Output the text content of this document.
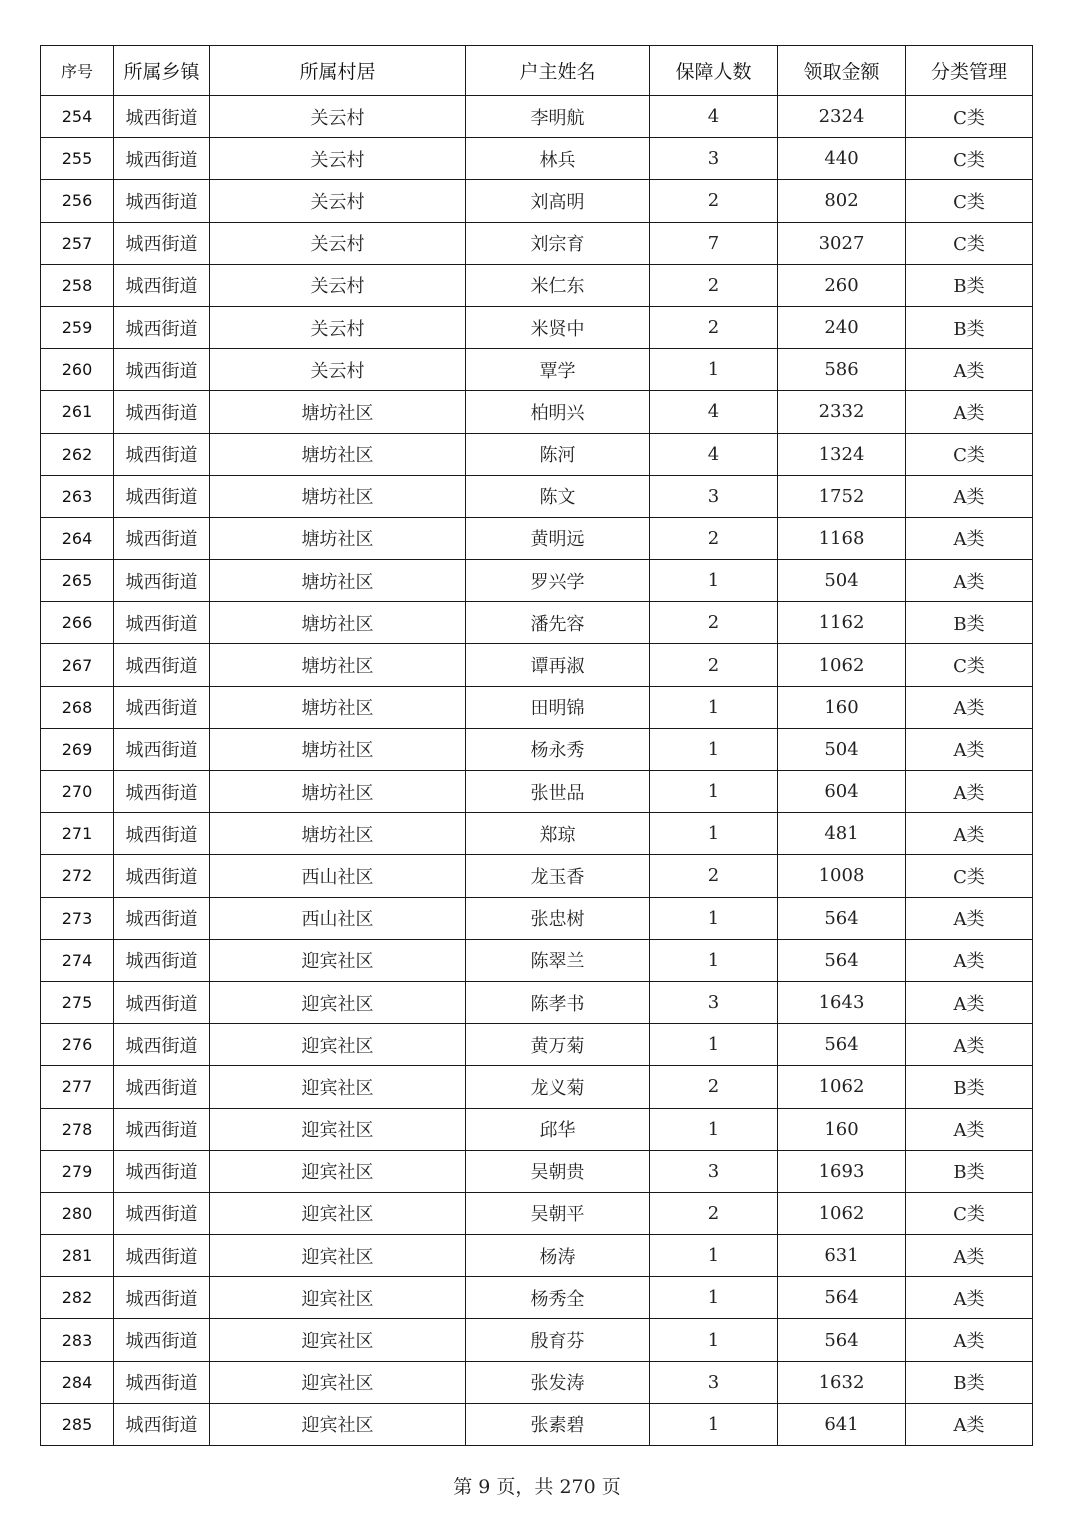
序号	所属乡镇	所属村居	户主姓名	保障人数	领取金额	分类管理
254	城西街道	关云村	李明航	4	2324	C类
255	城西街道	关云村	林兵	3	440	C类
256	城西街道	关云村	刘高明	2	802	C类
257	城西街道	关云村	刘宗育	7	3027	C类
258	城西街道	关云村	米仁东	2	260	B类
259	城西街道	关云村	米贤中	2	240	B类
260	城西街道	关云村	覃学	1	586	A类
261	城西街道	塘坊社区	柏明兴	4	2332	A类
262	城西街道	塘坊社区	陈河	4	1324	C类
263	城西街道	塘坊社区	陈文	3	1752	A类
264	城西街道	塘坊社区	黄明远	2	1168	A类
265	城西街道	塘坊社区	罗兴学	1	504	A类
266	城西街道	塘坊社区	潘先容	2	1162	B类
267	城西街道	塘坊社区	谭再淑	2	1062	C类
268	城西街道	塘坊社区	田明锦	1	160	A类
269	城西街道	塘坊社区	杨永秀	1	504	A类
270	城西街道	塘坊社区	张世品	1	604	A类
271	城西街道	塘坊社区	郑琼	1	481	A类
272	城西街道	西山社区	龙玉香	2	1008	C类
273	城西街道	西山社区	张忠树	1	564	A类
274	城西街道	迎宾社区	陈翠兰	1	564	A类
275	城西街道	迎宾社区	陈孝书	3	1643	A类
276	城西街道	迎宾社区	黄万菊	1	564	A类
277	城西街道	迎宾社区	龙义菊	2	1062	B类
278	城西街道	迎宾社区	邱华	1	160	A类
279	城西街道	迎宾社区	吴朝贵	3	1693	B类
280	城西街道	迎宾社区	吴朝平	2	1062	C类
281	城西街道	迎宾社区	杨涛	1	631	A类
282	城西街道	迎宾社区	杨秀全	1	564	A类
283	城西街道	迎宾社区	殷育芬	1	564	A类
284	城西街道	迎宾社区	张发涛	3	1632	B类
285	城西街道	迎宾社区	张素碧	1	641	A类
第 9 页，共 270 页
